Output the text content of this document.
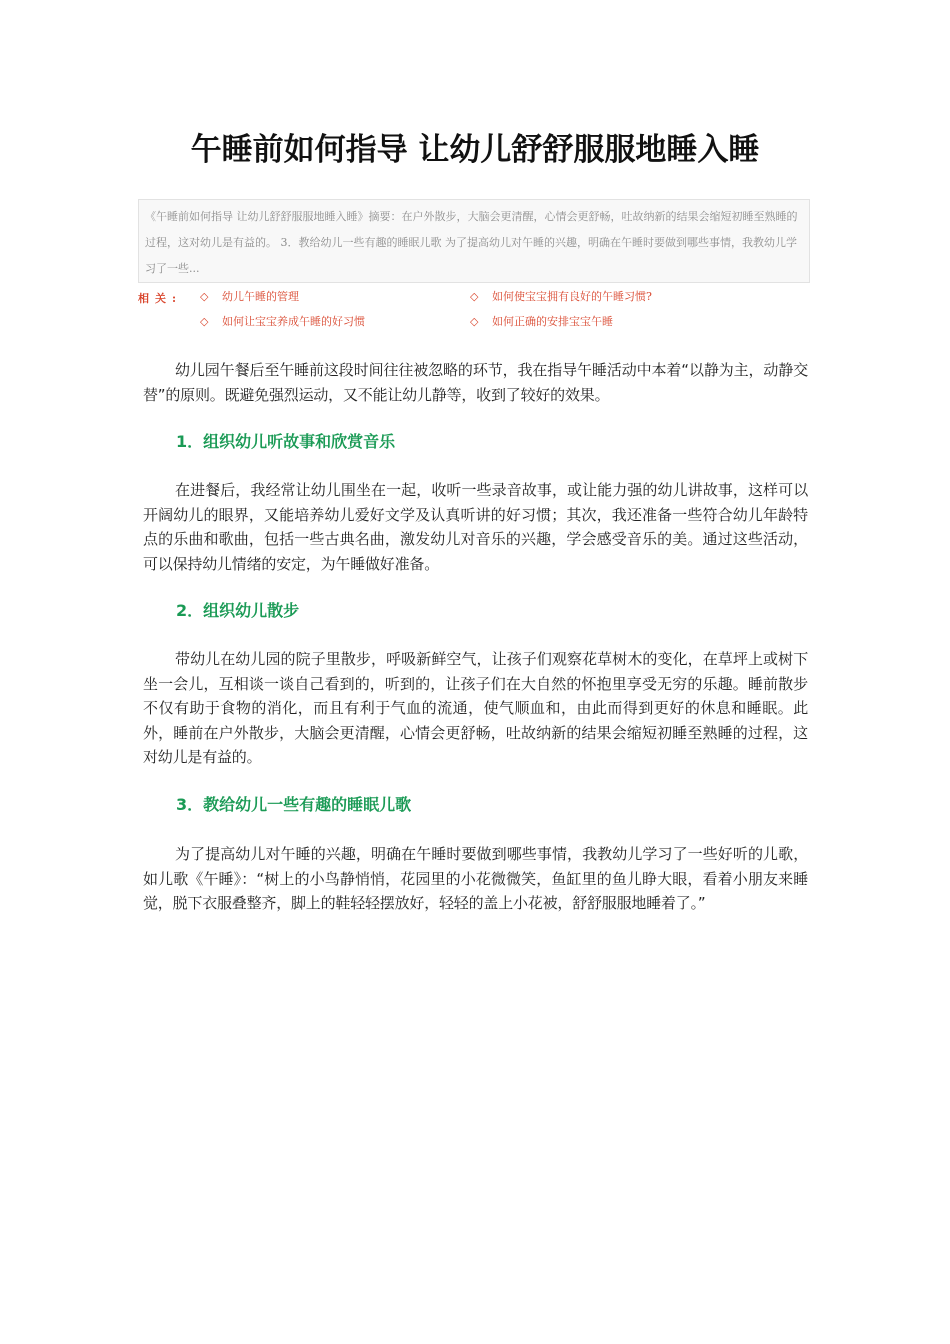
午睡前如何指导 让幼儿舒舒服服地睡入睡
《午睡前如何指导 让幼儿舒舒服服地睡入睡》摘要：在户外散步，大脑会更清醒，心情会更舒畅，吐故纳新的结果会缩短初睡至熟睡的过程，这对幼儿是有益的。 3．教给幼儿一些有趣的睡眠儿歌 为了提高幼儿对午睡的兴趣，明确在午睡时要做到哪些事情，我教幼儿学习了一些...
相关: ◇ 幼儿午睡的管理	◇ 如何使宝宝拥有良好的午睡习惯?
◇ 如何让宝宝养成午睡的好习惯	◇ 如何正确的安排宝宝午睡

幼儿园午餐后至午睡前这段时间往往被忽略的环节，我在指导午睡活动中本着“以静为主，动静交替”的原则。既避免强烈运动，又不能让幼儿静等，收到了较好的效果。

1．组织幼儿听故事和欣赏音乐

在进餐后，我经常让幼儿围坐在一起，收听一些录音故事，或让能力强的幼儿讲故事，这样可以开阔幼儿的眼界，又能培养幼儿爱好文学及认真听讲的好习惯；其次，我还准备一些符合幼儿年龄特点的乐曲和歌曲，包括一些古典名曲，激发幼儿对音乐的兴趣，学会感受音乐的美。通过这些活动，可以保持幼儿情绪的安定，为午睡做好准备。

2．组织幼儿散步

带幼儿在幼儿园的院子里散步，呼吸新鲜空气，让孩子们观察花草树木的变化，在草坪上或树下坐一会儿，互相谈一谈自己看到的，听到的，让孩子们在大自然的怀抱里享受无穷的乐趣。睡前散步不仅有助于食物的消化，而且有利于气血的流通，使气顺血和，由此而得到更好的休息和睡眠。此外，睡前在户外散步，大脑会更清醒，心情会更舒畅，吐故纳新的结果会缩短初睡至熟睡的过程，这对幼儿是有益的。

3．教给幼儿一些有趣的睡眠儿歌

为了提高幼儿对午睡的兴趣，明确在午睡时要做到哪些事情，我教幼儿学习了一些好听的儿歌，如儿歌《午睡》：“树上的小鸟静悄悄，花园里的小花微微笑，鱼缸里的鱼儿睁大眼，看着小朋友来睡觉，脱下衣服叠整齐，脚上的鞋轻轻摆放好，轻轻的盖上小花被，舒舒服服地睡着了。”
